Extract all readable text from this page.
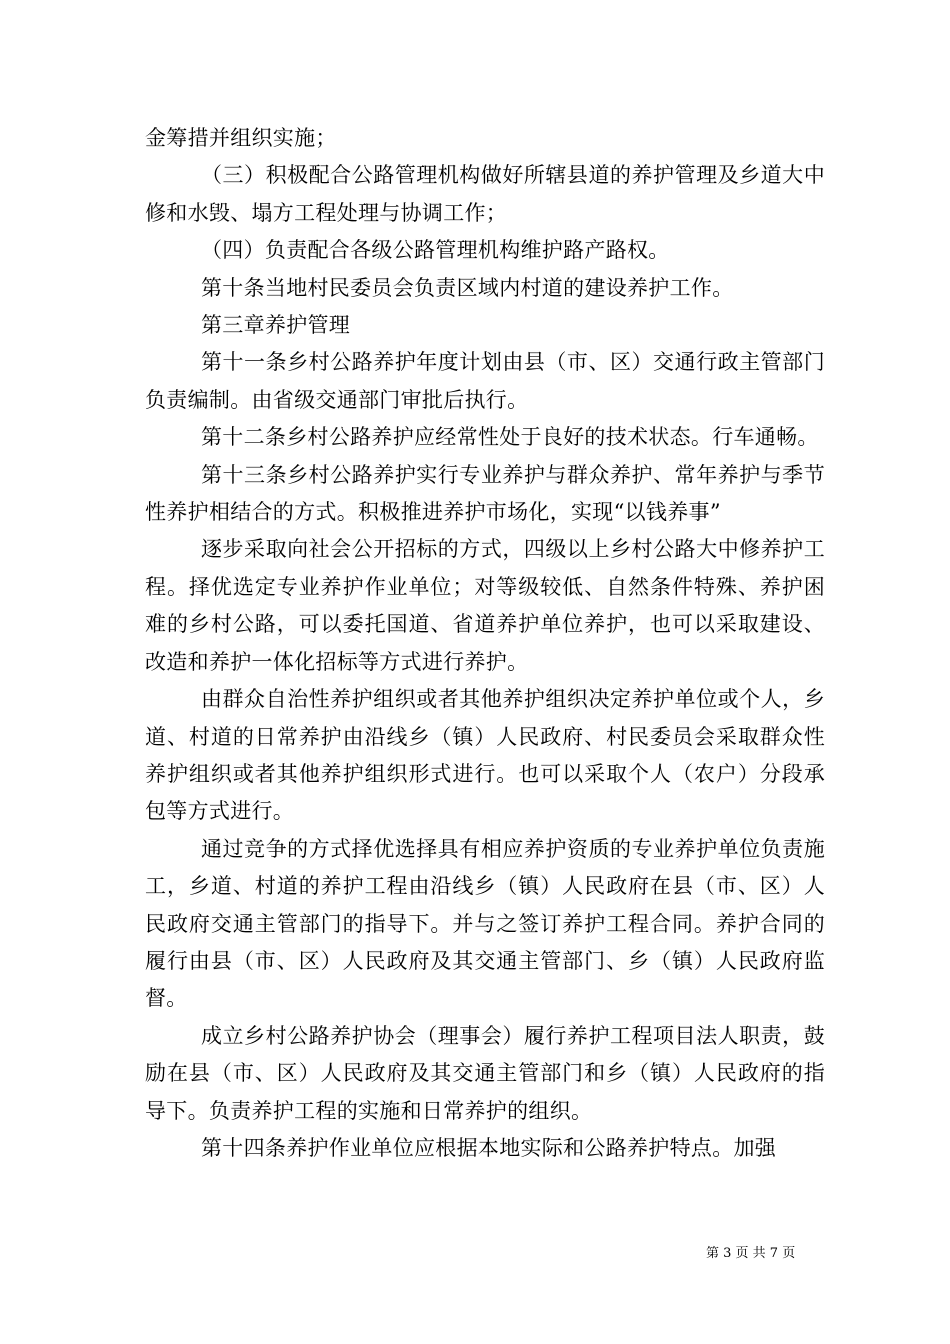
金筹措并组织实施；

（三）积极配合公路管理机构做好所辖县道的养护管理及乡道大中修和水毁、塌方工程处理与协调工作；

（四）负责配合各级公路管理机构维护路产路权。

第十条当地村民委员会负责区域内村道的建设养护工作。

第三章养护管理

第十一条乡村公路养护年度计划由县（市、区）交通行政主管部门负责编制。由省级交通部门审批后执行。

第十二条乡村公路养护应经常性处于良好的技术状态。行车通畅。

第十三条乡村公路养护实行专业养护与群众养护、常年养护与季节性养护相结合的方式。积极推进养护市场化，实现“以钱养事”

逐步采取向社会公开招标的方式，四级以上乡村公路大中修养护工程。择优选定专业养护作业单位；对等级较低、自然条件特殊、养护困难的乡村公路，可以委托国道、省道养护单位养护，也可以采取建设、改造和养护一体化招标等方式进行养护。

由群众自治性养护组织或者其他养护组织决定养护单位或个人，乡道、村道的日常养护由沿线乡（镇）人民政府、村民委员会采取群众性养护组织或者其他养护组织形式进行。也可以采取个人（农户）分段承包等方式进行。

通过竞争的方式择优选择具有相应养护资质的专业养护单位负责施工，乡道、村道的养护工程由沿线乡（镇）人民政府在县（市、区）人民政府交通主管部门的指导下。并与之签订养护工程合同。养护合同的履行由县（市、区）人民政府及其交通主管部门、乡（镇）人民政府监督。

成立乡村公路养护协会（理事会）履行养护工程项目法人职责，鼓励在县（市、区）人民政府及其交通主管部门和乡（镇）人民政府的指导下。负责养护工程的实施和日常养护的组织。

第十四条养护作业单位应根据本地实际和公路养护特点。加强

第 3 页 共 7 页
